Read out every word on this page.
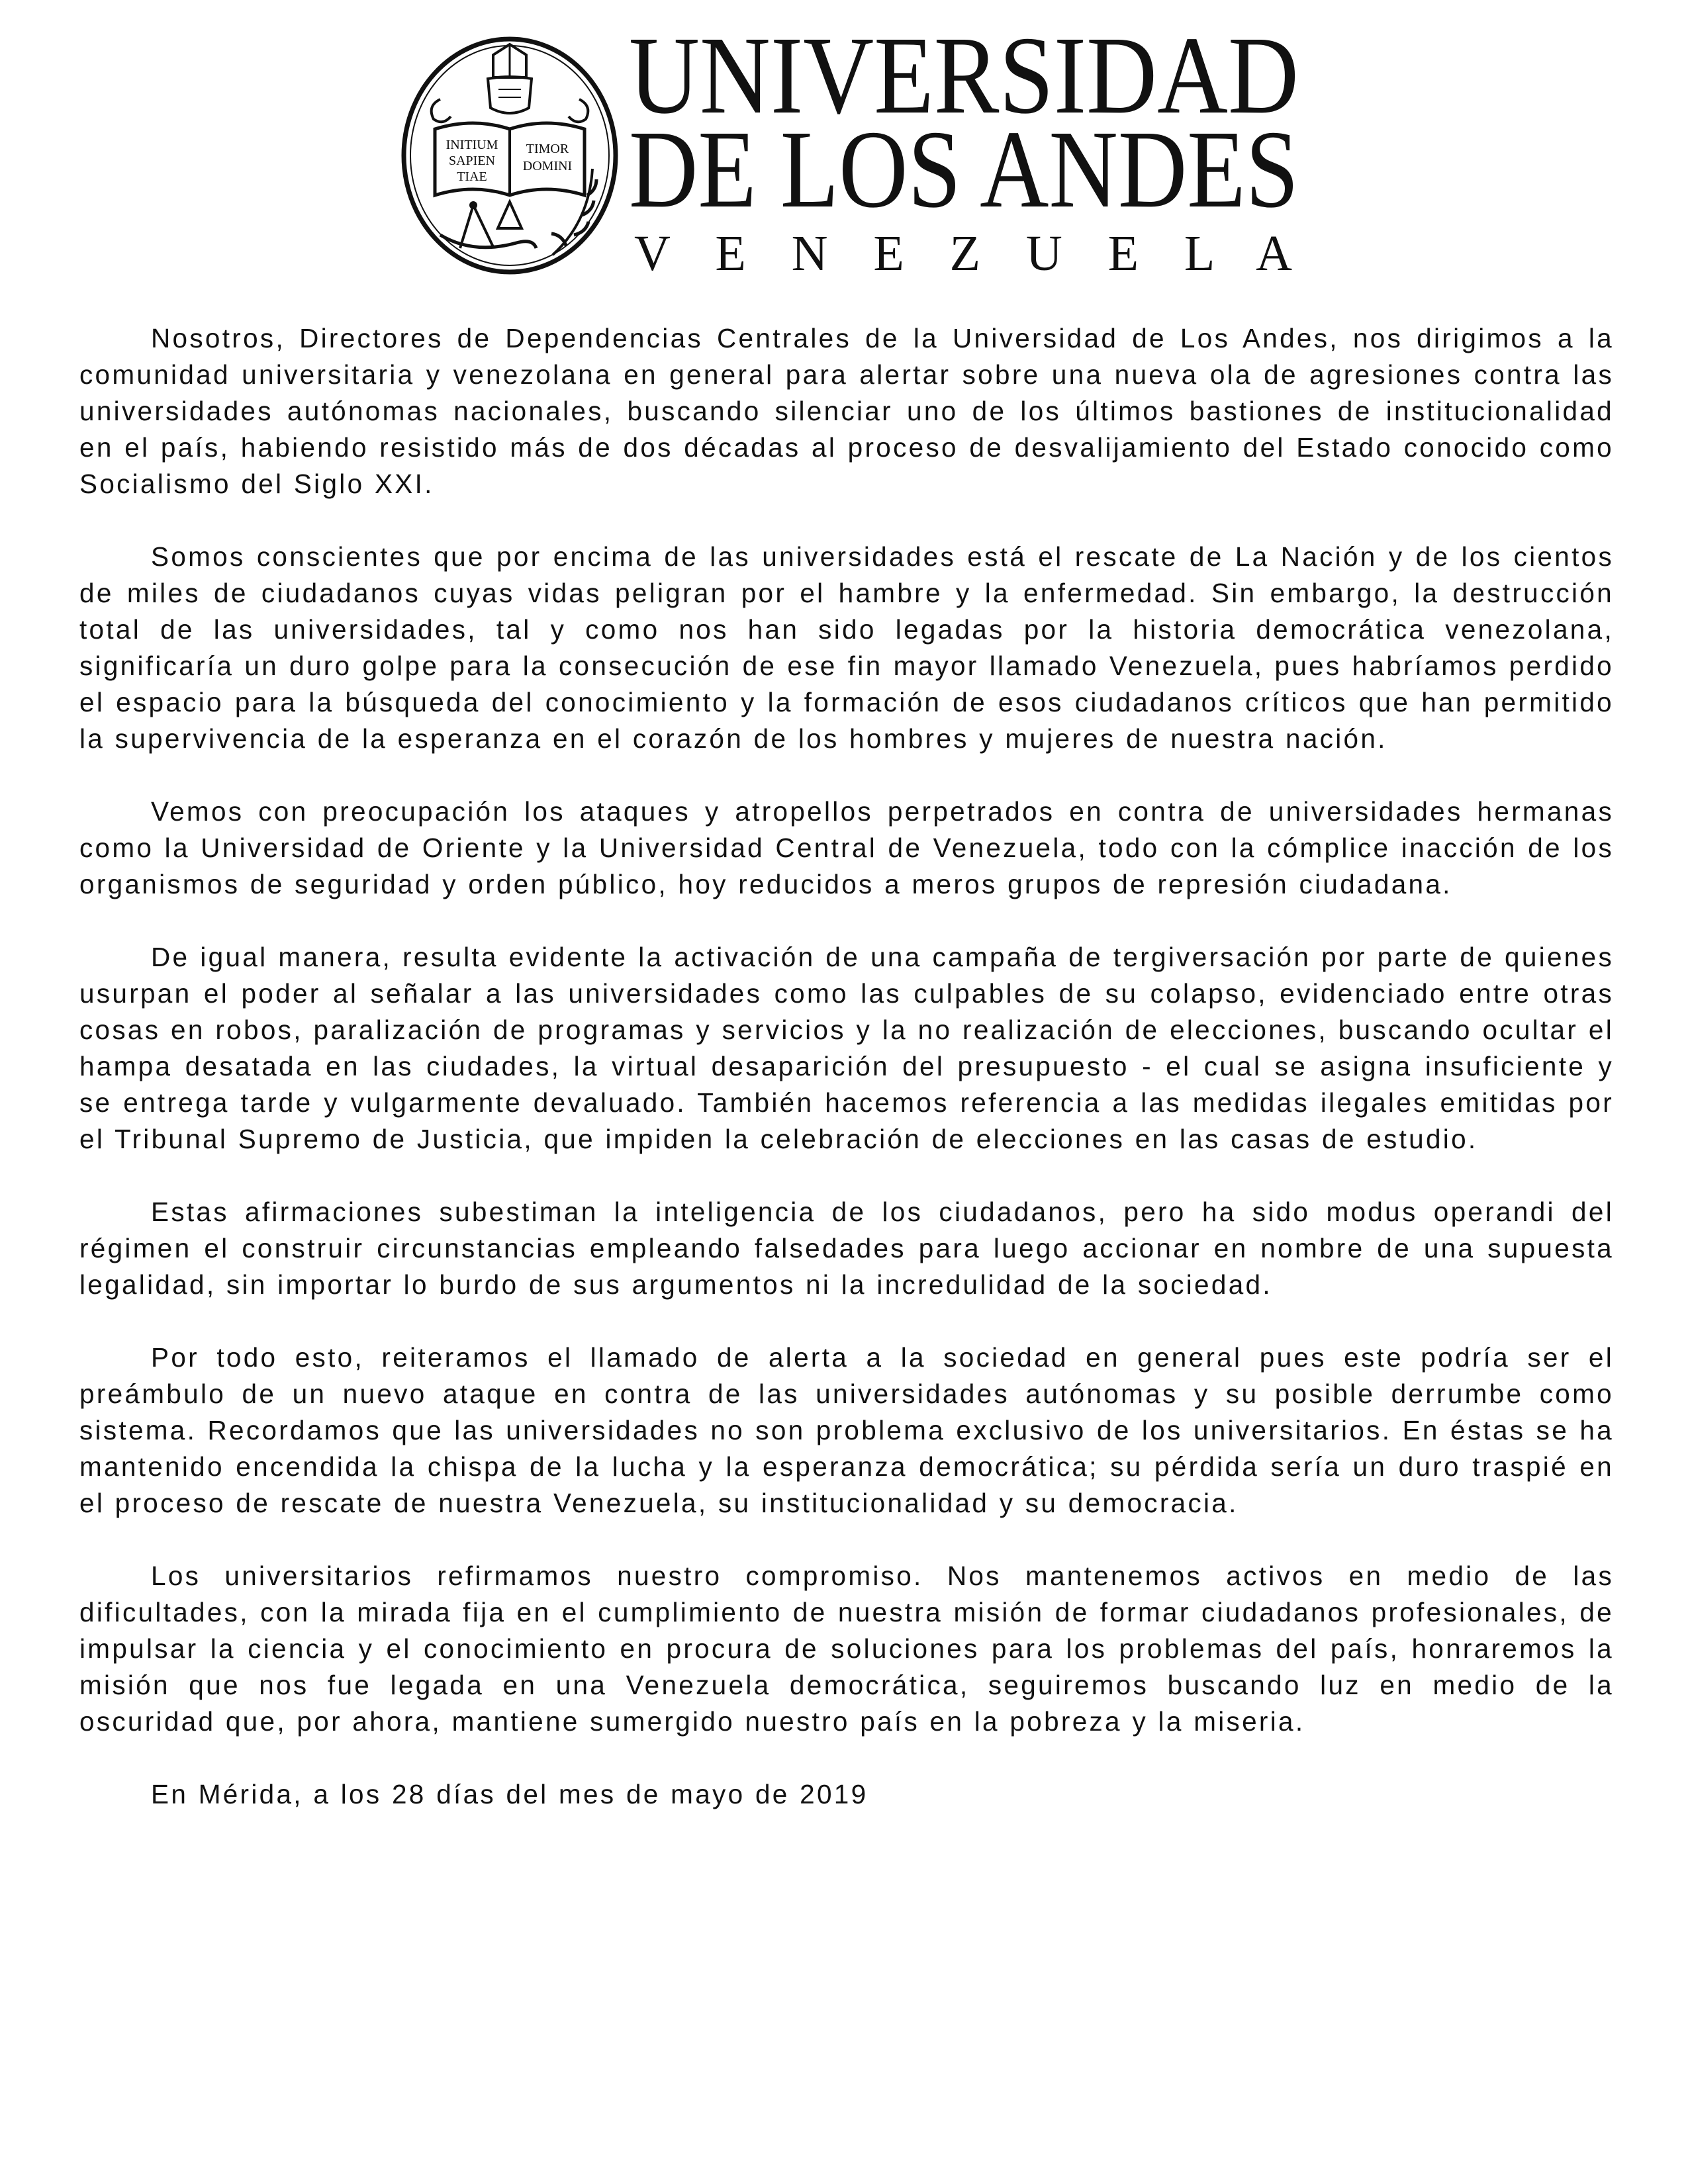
INITIUM
SAPIEN
TIAE
TIMOR
DOMINI
UNIVERSIDAD
DE LOS ANDES
V E N E Z U E L A

Nosotros, Directores de Dependencias Centrales de la Universidad de Los Andes, nos dirigimos a la comunidad universitaria y venezolana en general para alertar sobre una nueva ola de agresiones contra las universidades autónomas nacionales, buscando silenciar uno de los últimos bastiones de institucionalidad en el país, habiendo resistido más de dos décadas al proceso de desvalijamiento del Estado conocido como Socialismo del Siglo XXI.

Somos conscientes que por encima de las universidades está el rescate de La Nación y de los cientos de miles de ciudadanos cuyas vidas peligran por el hambre y la enfermedad. Sin embargo, la destrucción total de las universidades, tal y como nos han sido legadas por la historia democrática venezolana, significaría un duro golpe para la consecución de ese fin mayor llamado Venezuela, pues habríamos perdido el espacio para la búsqueda del conocimiento y la formación de esos ciudadanos críticos que han permitido la supervivencia de la esperanza en el corazón de los hombres y mujeres de nuestra nación.

Vemos con preocupación los ataques y atropellos perpetrados en contra de universidades hermanas como la Universidad de Oriente y la Universidad Central de Venezuela, todo con la cómplice inacción de los organismos de seguridad y orden público, hoy reducidos a meros grupos de represión ciudadana.

De igual manera, resulta evidente la activación de una campaña de tergiversación por parte de quienes usurpan el poder al señalar a las universidades como las culpables de su colapso, evidenciado entre otras cosas en robos, paralización de programas y servicios y la no realización de elecciones, buscando ocultar el hampa desatada en las ciudades, la virtual desaparición del presupuesto - el cual se asigna insuficiente y se entrega tarde y vulgarmente devaluado. También hacemos referencia a las medidas ilegales emitidas por el Tribunal Supremo de Justicia, que impiden la celebración de elecciones en las casas de estudio.

Estas afirmaciones subestiman la inteligencia de los ciudadanos, pero ha sido modus operandi del régimen el construir circunstancias empleando falsedades para luego accionar en nombre de una supuesta legalidad, sin importar lo burdo de sus argumentos ni la incredulidad de la sociedad.

Por todo esto, reiteramos el llamado de alerta a la sociedad en general pues este podría ser el preámbulo de un nuevo ataque en contra de las universidades autónomas y su posible derrumbe como sistema. Recordamos que las universidades no son problema exclusivo de los universitarios. En éstas se ha mantenido encendida la chispa de la lucha y la esperanza democrática; su pérdida sería un duro traspié en el proceso de rescate de nuestra Venezuela, su institucionalidad y su democracia.

Los universitarios refirmamos nuestro compromiso. Nos mantenemos activos en medio de las dificultades, con la mirada fija en el cumplimiento de nuestra misión de formar ciudadanos profesionales, de impulsar la ciencia y el conocimiento en procura de soluciones para los problemas del país, honraremos la misión que nos fue legada en una Venezuela democrática, seguiremos buscando luz en medio de la oscuridad que, por ahora, mantiene sumergido nuestro país en la pobreza y la miseria.

En Mérida, a los 28 días del mes de mayo de 2019
